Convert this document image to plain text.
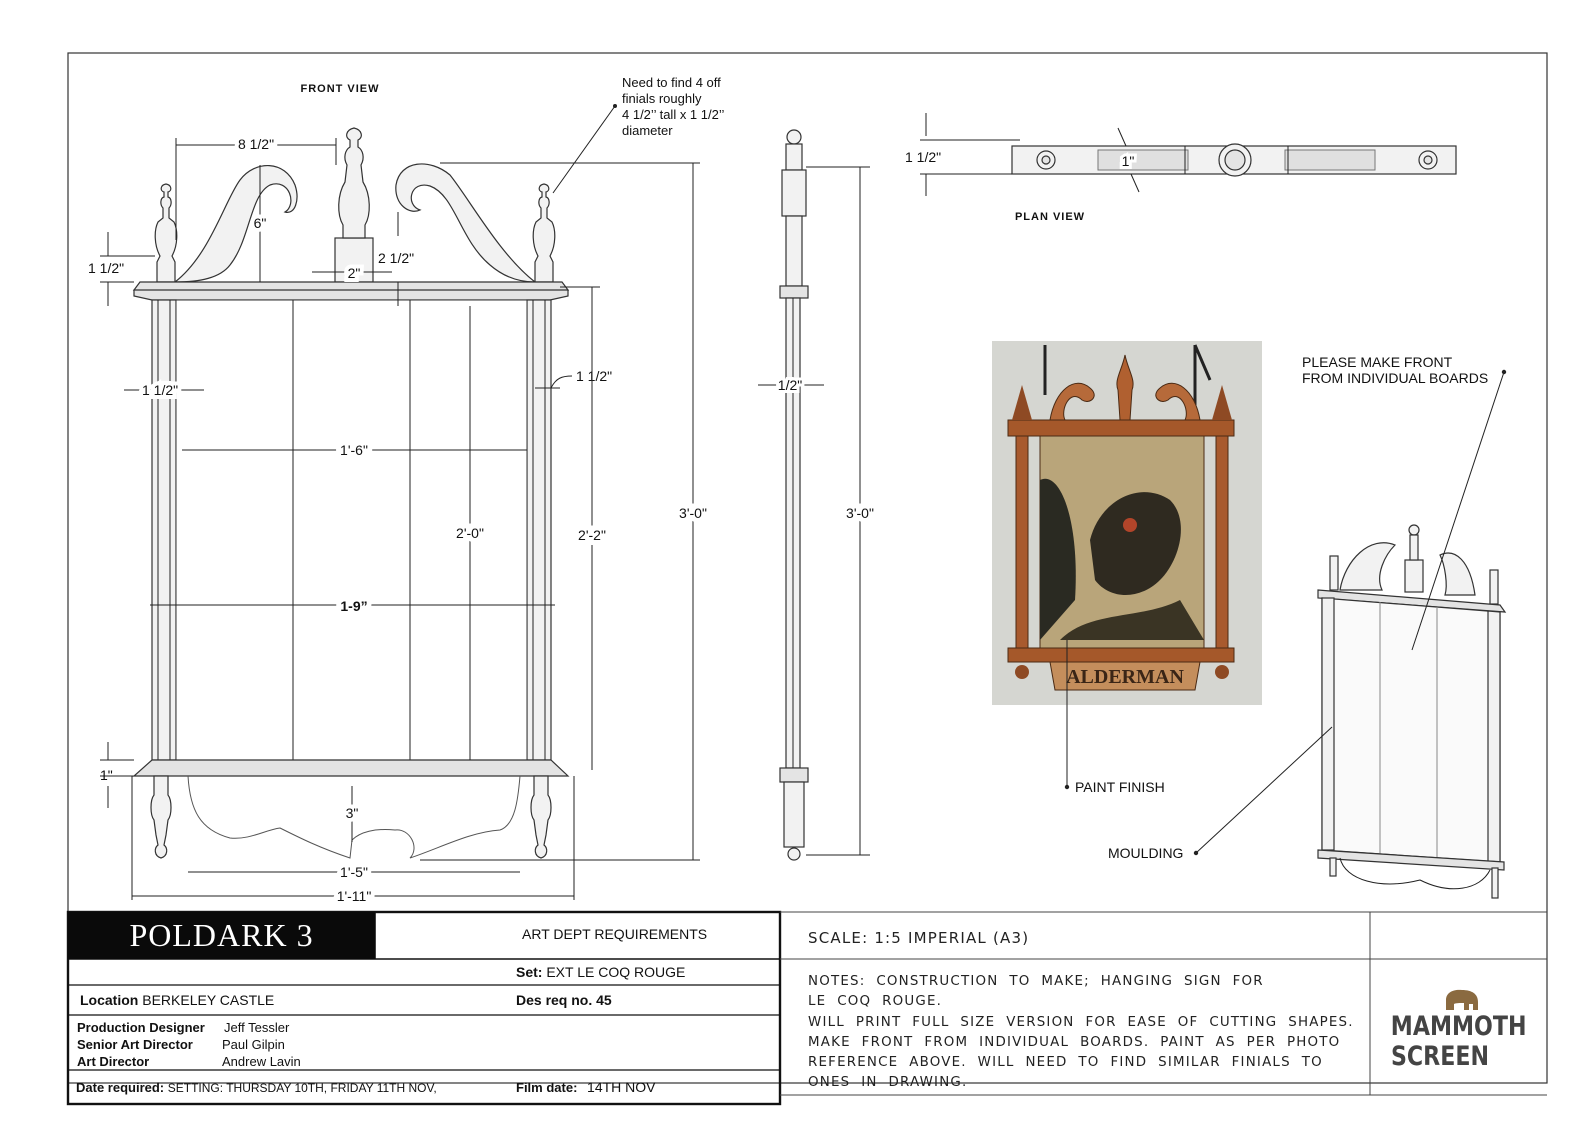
FRONT VIEW
8 1/2"
6"
1 1/2"	2"
2 1/2"
1 1/2"
1 1/2"
1'-6"
2'-0"	2'-2"
3'-0"
1-9”
1"
3"
1'-5"
1'-11"
Need to find 4 off
finials roughly
4 1/2’’ tall x 1 1/2’’
diameter
1/2"
3'-0"
1 1/2"	1"
PLAN VIEW
ALDERMAN
PAINT FINISH
PLEASE MAKE FRONT
FROM INDIVIDUAL BOARDS
MOULDING
POLDARK 3	ART DEPT REQUIREMENTS
Set: EXT LE COQ ROUGE
Location BERKELEY CASTLE	Des req no. 45
Production Designer Jeff Tessler
Senior Art Director Paul Gilpin
Art Director	Andrew Lavin
Date required: SETTING: THURSDAY 10TH, FRIDAY 11TH NOV,	Film date: 14TH NOV
SCALE: 1:5 IMPERIAL (A3)
NOTES:  CONSTRUCTION  TO  MAKE;  HANGING  SIGN  FOR
LE  COQ  ROUGE.
WILL  PRINT  FULL  SIZE  VERSION  FOR  EASE  OF  CUTTING  SHAPES.
MAKE  FRONT  FROM  INDIVIDUAL  BOARDS.  PAINT  AS  PER  PHOTO
REFERENCE  ABOVE.  WILL  NEED  TO  FIND  SIMILAR  FINIALS  TO
ONES  IN  DRAWING.
MAMMOTH
SCREEN
